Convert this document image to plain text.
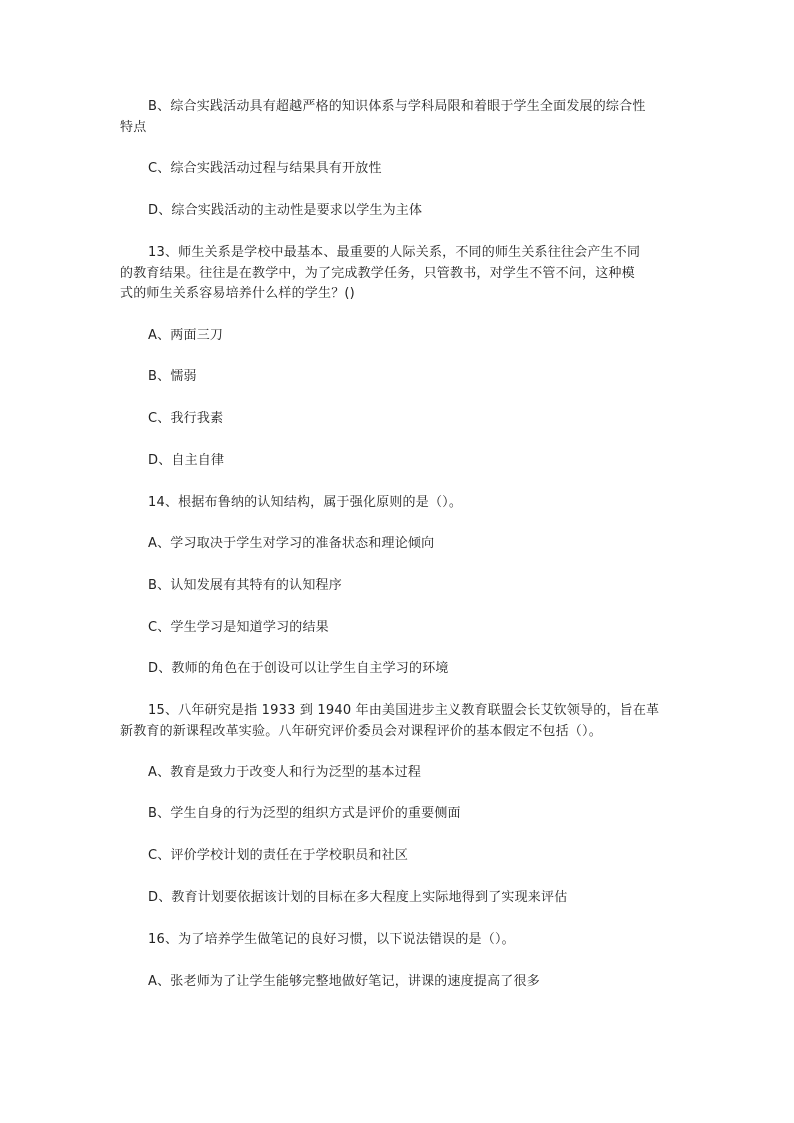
B、综合实践活动具有超越严格的知识体系与学科局限和着眼于学生全面发展的综合性
特点
C、综合实践活动过程与结果具有开放性
D、综合实践活动的主动性是要求以学生为主体
13、师生关系是学校中最基本、最重要的人际关系，不同的师生关系往往会产生不同
的教育结果。往往是在教学中，为了完成教学任务，只管教书，对学生不管不问，这种模
式的师生关系容易培养什么样的学生？()
A、两面三刀
B、懦弱
C、我行我素
D、自主自律
14、根据布鲁纳的认知结构，属于强化原则的是（）。
A、学习取决于学生对学习的准备状态和理论倾向
B、认知发展有其特有的认知程序
C、学生学习是知道学习的结果
D、教师的角色在于创设可以让学生自主学习的环境
15、八年研究是指 1933 到 1940 年由美国进步主义教育联盟会长艾钦领导的，旨在革
新教育的新课程改革实验。八年研究评价委员会对课程评价的基本假定不包括（）。
A、教育是致力于改变人和行为泛型的基本过程
B、学生自身的行为泛型的组织方式是评价的重要侧面
C、评价学校计划的责任在于学校职员和社区
D、教育计划要依据该计划的目标在多大程度上实际地得到了实现来评估
16、为了培养学生做笔记的良好习惯，以下说法错误的是（）。
A、张老师为了让学生能够完整地做好笔记，讲课的速度提高了很多
